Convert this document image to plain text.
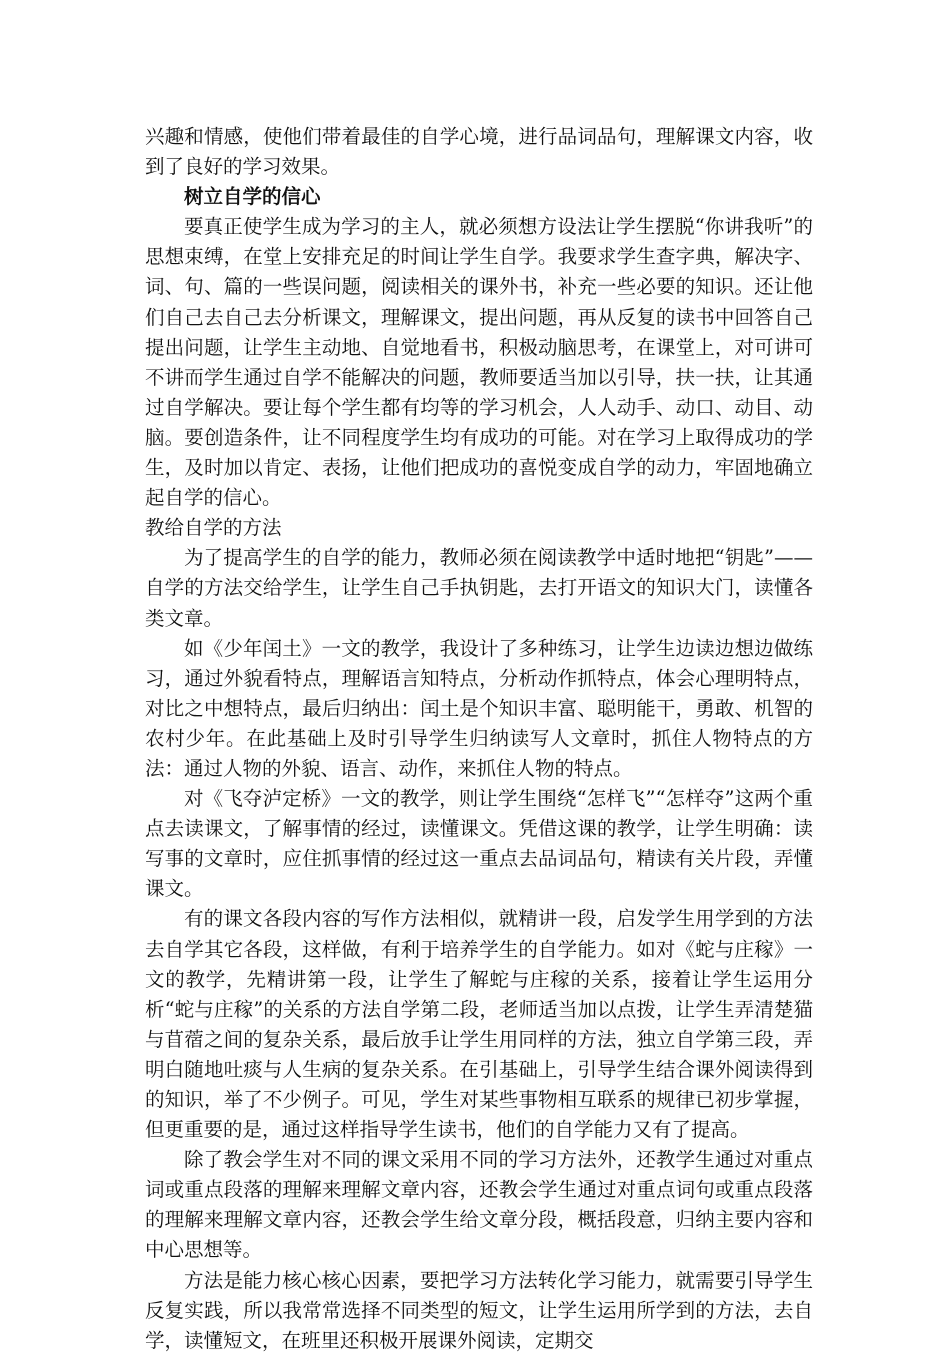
兴趣和情感，使他们带着最佳的自学心境，进行品词品句，理解课文内容，收到了良好的学习效果。

树立自学的信心

要真正使学生成为学习的主人，就必须想方设法让学生摆脱“你讲我听”的思想束缚，在堂上安排充足的时间让学生自学。我要求学生查字典，解决字、词、句、篇的一些误问题，阅读相关的课外书，补充一些必要的知识。还让他们自己去自己去分析课文，理解课文，提出问题，再从反复的读书中回答自己提出问题，让学生主动地、自觉地看书，积极动脑思考，在课堂上，对可讲可不讲而学生通过自学不能解决的问题，教师要适当加以引导，扶一扶，让其通过自学解决。要让每个学生都有均等的学习机会，人人动手、动口、动目、动脑。要创造条件，让不同程度学生均有成功的可能。对在学习上取得成功的学生，及时加以肯定、表扬，让他们把成功的喜悦变成自学的动力，牢固地确立起自学的信心。

教给自学的方法

为了提高学生的自学的能力，教师必须在阅读教学中适时地把“钥匙”——自学的方法交给学生，让学生自己手执钥匙，去打开语文的知识大门，读懂各类文章。

如《少年闰土》一文的教学，我设计了多种练习，让学生边读边想边做练习，通过外貌看特点，理解语言知特点，分析动作抓特点，体会心理明特点，对比之中想特点，最后归纳出：闰土是个知识丰富、聪明能干，勇敢、机智的农村少年。在此基础上及时引导学生归纳读写人文章时，抓住人物特点的方法：通过人物的外貌、语言、动作，来抓住人物的特点。

对《飞夺泸定桥》一文的教学，则让学生围绕“怎样飞”“怎样夺”这两个重点去读课文，了解事情的经过，读懂课文。凭借这课的教学，让学生明确：读写事的文章时，应住抓事情的经过这一重点去品词品句，精读有关片段，弄懂课文。

有的课文各段内容的写作方法相似，就精讲一段，启发学生用学到的方法去自学其它各段，这样做，有利于培养学生的自学能力。如对《蛇与庄稼》一文的教学，先精讲第一段，让学生了解蛇与庄稼的关系，接着让学生运用分析“蛇与庄稼”的关系的方法自学第二段，老师适当加以点拨，让学生弄清楚猫与苜蓿之间的复杂关系，最后放手让学生用同样的方法，独立自学第三段，弄明白随地吐痰与人生病的复杂关系。在引基础上，引导学生结合课外阅读得到的知识，举了不少例子。可见，学生对某些事物相互联系的规律已初步掌握，但更重要的是，通过这样指导学生读书，他们的自学能力又有了提高。

除了教会学生对不同的课文采用不同的学习方法外，还教学生通过对重点词或重点段落的理解来理解文章内容，还教会学生通过对重点词句或重点段落的理解来理解文章内容，还教会学生给文章分段，概括段意，归纳主要内容和中心思想等。

方法是能力核心核心因素，要把学习方法转化学习能力，就需要引导学生反复实践，所以我常常选择不同类型的短文，让学生运用所学到的方法，去自学，读懂短文，在班里还积极开展课外阅读，定期交
